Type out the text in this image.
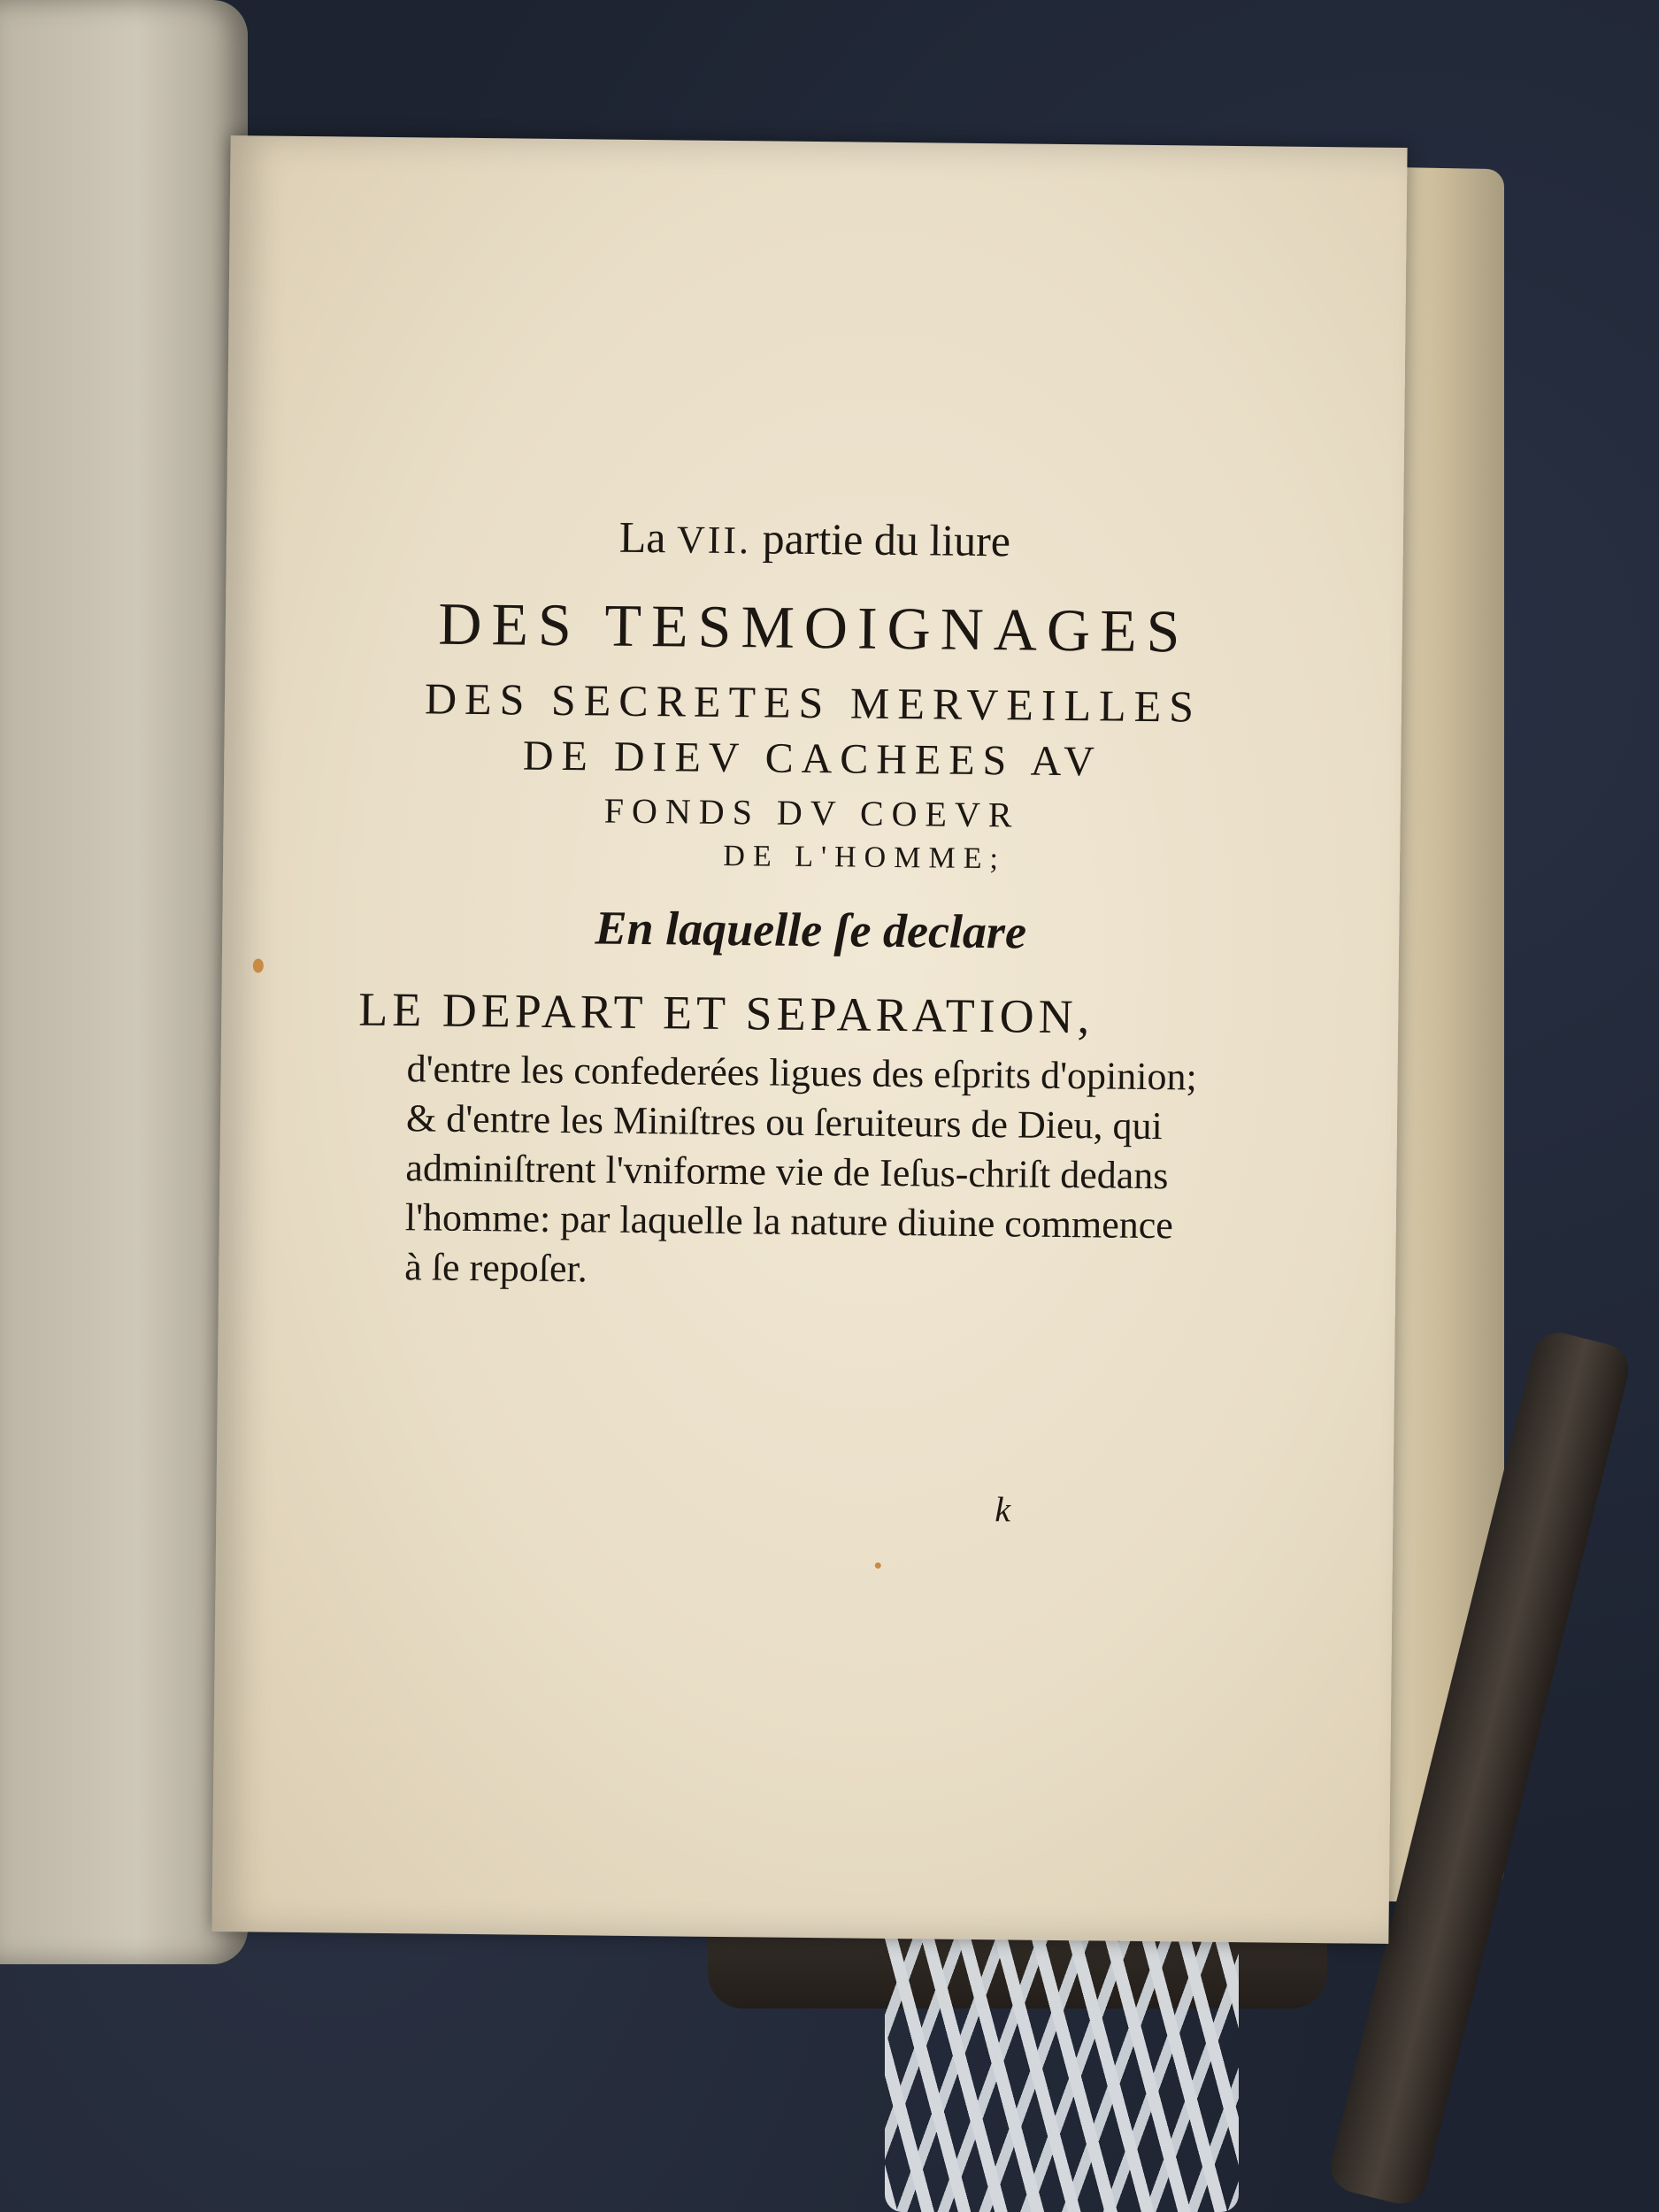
La VII. partie du liure
DES TESMOIGNAGES
DES SECRETES MERVEILLES
DE DIEV CACHEES AV
FONDS DV COEVR
DE L'HOMME;
En laquelle ſe declare
LE DEPART ET SEPARATION,
d'entre les confederées ligues des eſprits d'opinion;
& d'entre les Miniſtres ou ſeruiteurs de Dieu, qui
adminiſtrent l'vniforme vie de Ieſus-chriſt dedans
l'homme: par laquelle la nature diuine commence
à ſe repoſer.
k
